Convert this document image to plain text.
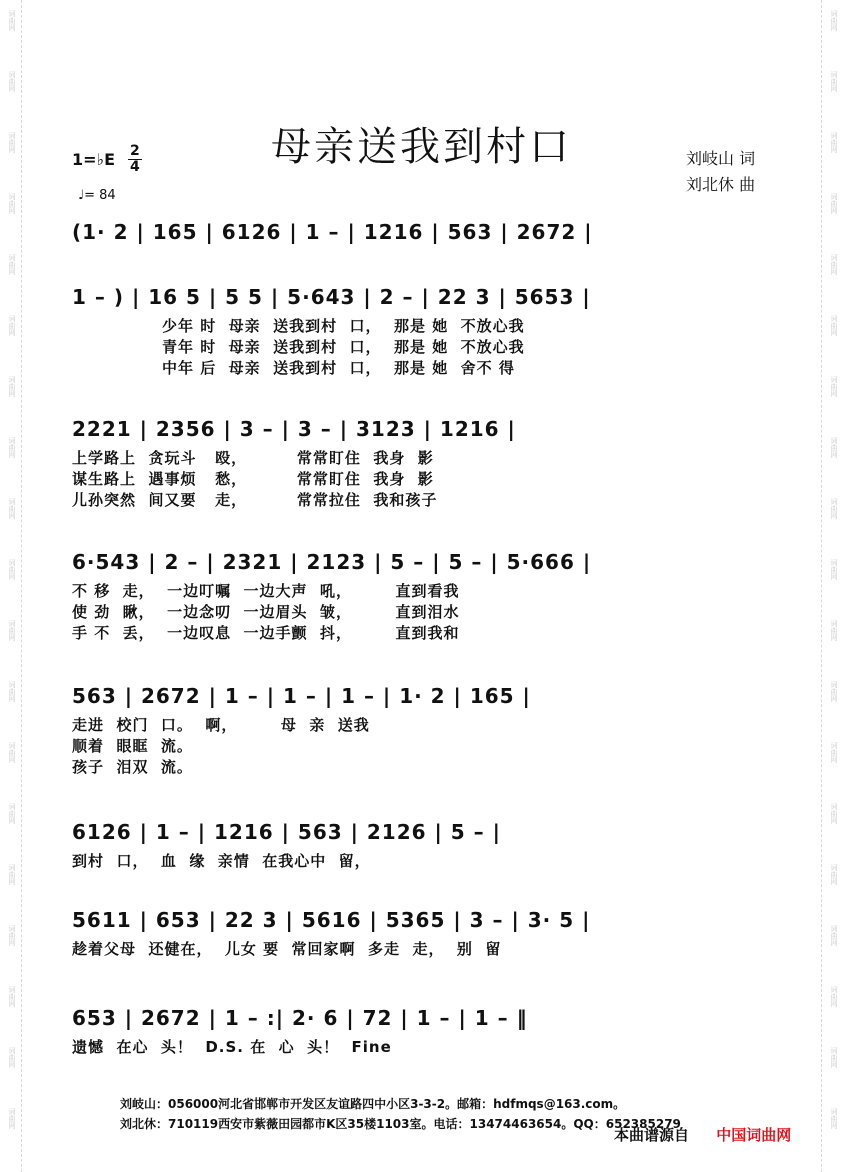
词曲网
词曲网
词曲网
词曲网
词曲网
词曲网
词曲网
词曲网
词曲网
词曲网
词曲网
词曲网
词曲网
词曲网
词曲网
词曲网
词曲网
词曲网
词曲网
词曲网
词曲网
词曲网
词曲网
词曲网
词曲网
词曲网
词曲网
词曲网
词曲网
词曲网
词曲网
词曲网
词曲网
词曲网
词曲网
词曲网
词曲网
词曲网
母亲送我到村口
1=♭E 2
4
♩= 84
刘岐山 词
刘北休 曲
(1· 2 | 165 | 6126 | 1 – | 1216 | 563 | 2672 |
1 – ) | 16 5 | 5 5 | 5·643 | 2 – | 22 3 | 5653 |
少年 时  母亲  送我到村  口，  那是 她  不放心我
青年 时  母亲  送我到村  口，  那是 她  不放心我
中年 后  母亲  送我到村  口，  那是 她  舍不 得
2221 | 2356 | 3 – | 3 – | 3123 | 1216 |
上学路上  贪玩斗   殴，        常常盯住  我身  影
谋生路上  遇事烦   愁，        常常盯住  我身  影
儿孙突然  间又要   走，        常常拉住  我和孩子
6·543 | 2 – | 2321 | 2123 | 5 – | 5 – | 5·666 |
不 移  走，  一边叮嘱  一边大声  吼，       直到看我
使 劲  瞅，  一边念叨  一边眉头  皱，       直到泪水
手 不  丢，  一边叹息  一边手颤  抖，       直到我和
563 | 2672 | 1 – | 1 – | 1 – | 1· 2 | 165 |
走进  校门  口。  啊，       母  亲  送我
顺着  眼眶  流。
孩子  泪双  流。
6126 | 1 – | 1216 | 563 | 2126 | 5 – |
到村  口，  血  缘  亲情  在我心中  留，
5611 | 653 | 22 3 | 5616 | 5365 | 3 – | 3· 5 |
趁着父母  还健在，  儿女 要  常回家啊  多走  走，  别  留
653 | 2672 | 1 – :| 2· 6 | 72 | 1 – | 1 – ‖
遗憾  在心  头！  D.S. 在  心  头！  Fine
刘岐山：056000河北省邯郸市开发区友谊路四中小区3-3-2。邮箱：hdfmqs@163.com。
刘北休：710119西安市紫薇田园都市K区35楼1103室。电话：13474463654。QQ：652385279
本曲谱源自 中国词曲网
